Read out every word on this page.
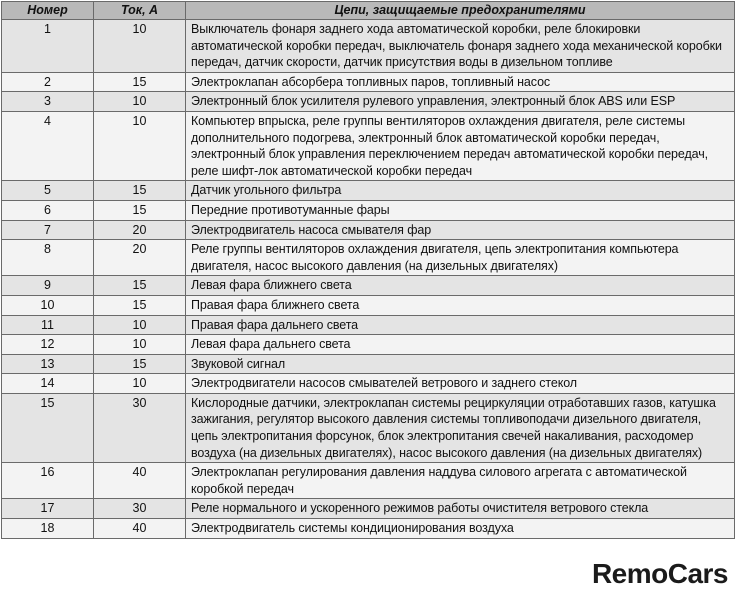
Номер	Ток, А	Цепи, защищаемые предохранителями
1	10	Выключатель фонаря заднего хода автоматической коробки, реле блокировки автоматической коробки передач, выключатель фонаря заднего хода механической коробки передач, датчик скорости, датчик присутствия воды в дизельном топливе
2	15	Электроклапан абсорбера топливных паров, топливный насос
3	10	Электронный блок усилителя рулевого управления, электронный блок ABS или ESP
4	10	Компьютер впрыска, реле группы вентиляторов охлаждения двигателя, реле системы дополнительного подогрева, электронный блок автоматической коробки передач, электронный блок управления переключением передач автоматической коробки передач, реле шифт-лок автоматической коробки передач
5	15	Датчик угольного фильтра
6	15	Передние противотуманные фары
7	20	Электродвигатель насоса смывателя фар
8	20	Реле группы вентиляторов охлаждения двигателя, цепь электропитания компьютера двигателя, насос высокого давления (на дизельных двигателях)
9	15	Левая фара ближнего света
10	15	Правая фара ближнего света
11	10	Правая фара дальнего света
12	10	Левая фара дальнего света
13	15	Звуковой сигнал
14	10	Электродвигатели насосов смывателей ветрового и заднего стекол
15	30	Кислородные датчики, электроклапан системы рециркуляции отработавших газов, катушка зажигания, регулятор высокого давления системы топливоподачи дизельного двигателя, цепь электропитания форсунок, блок электропитания свечей накаливания, расходомер воздуха (на дизельных двигателях), насос высокого давления (на дизельных двигателях)
16	40	Электроклапан регулирования давления наддува силового агрегата с автоматической коробкой передач
17	30	Реле нормального и ускоренного режимов работы очистителя ветрового стекла
18	40	Электродвигатель системы кондиционирования воздуха
RemoCars
